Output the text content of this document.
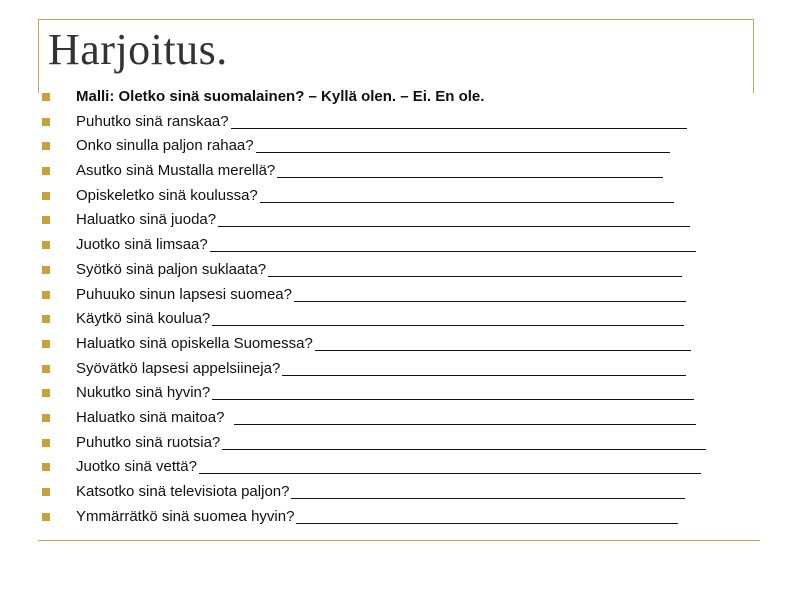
Harjoitus.
Malli: Oletko sinä suomalainen? – Kyllä olen. – Ei. En ole.
Puhutko sinä ranskaa?
Onko sinulla paljon rahaa?
Asutko sinä Mustalla merellä?
Opiskeletko sinä koulussa?
Haluatko sinä juoda?
Juotko sinä limsaa?
Syötkö sinä paljon suklaata?
Puhuuko sinun lapsesi suomea?
Käytkö sinä koulua?
Haluatko sinä opiskella Suomessa?
Syövätkö lapsesi appelsiineja?
Nukutko sinä hyvin?
Haluatko sinä maitoa?
Puhutko sinä ruotsia?
Juotko sinä vettä?
Katsotko sinä televisiota paljon?
Ymmärrätkö sinä suomea hyvin?
